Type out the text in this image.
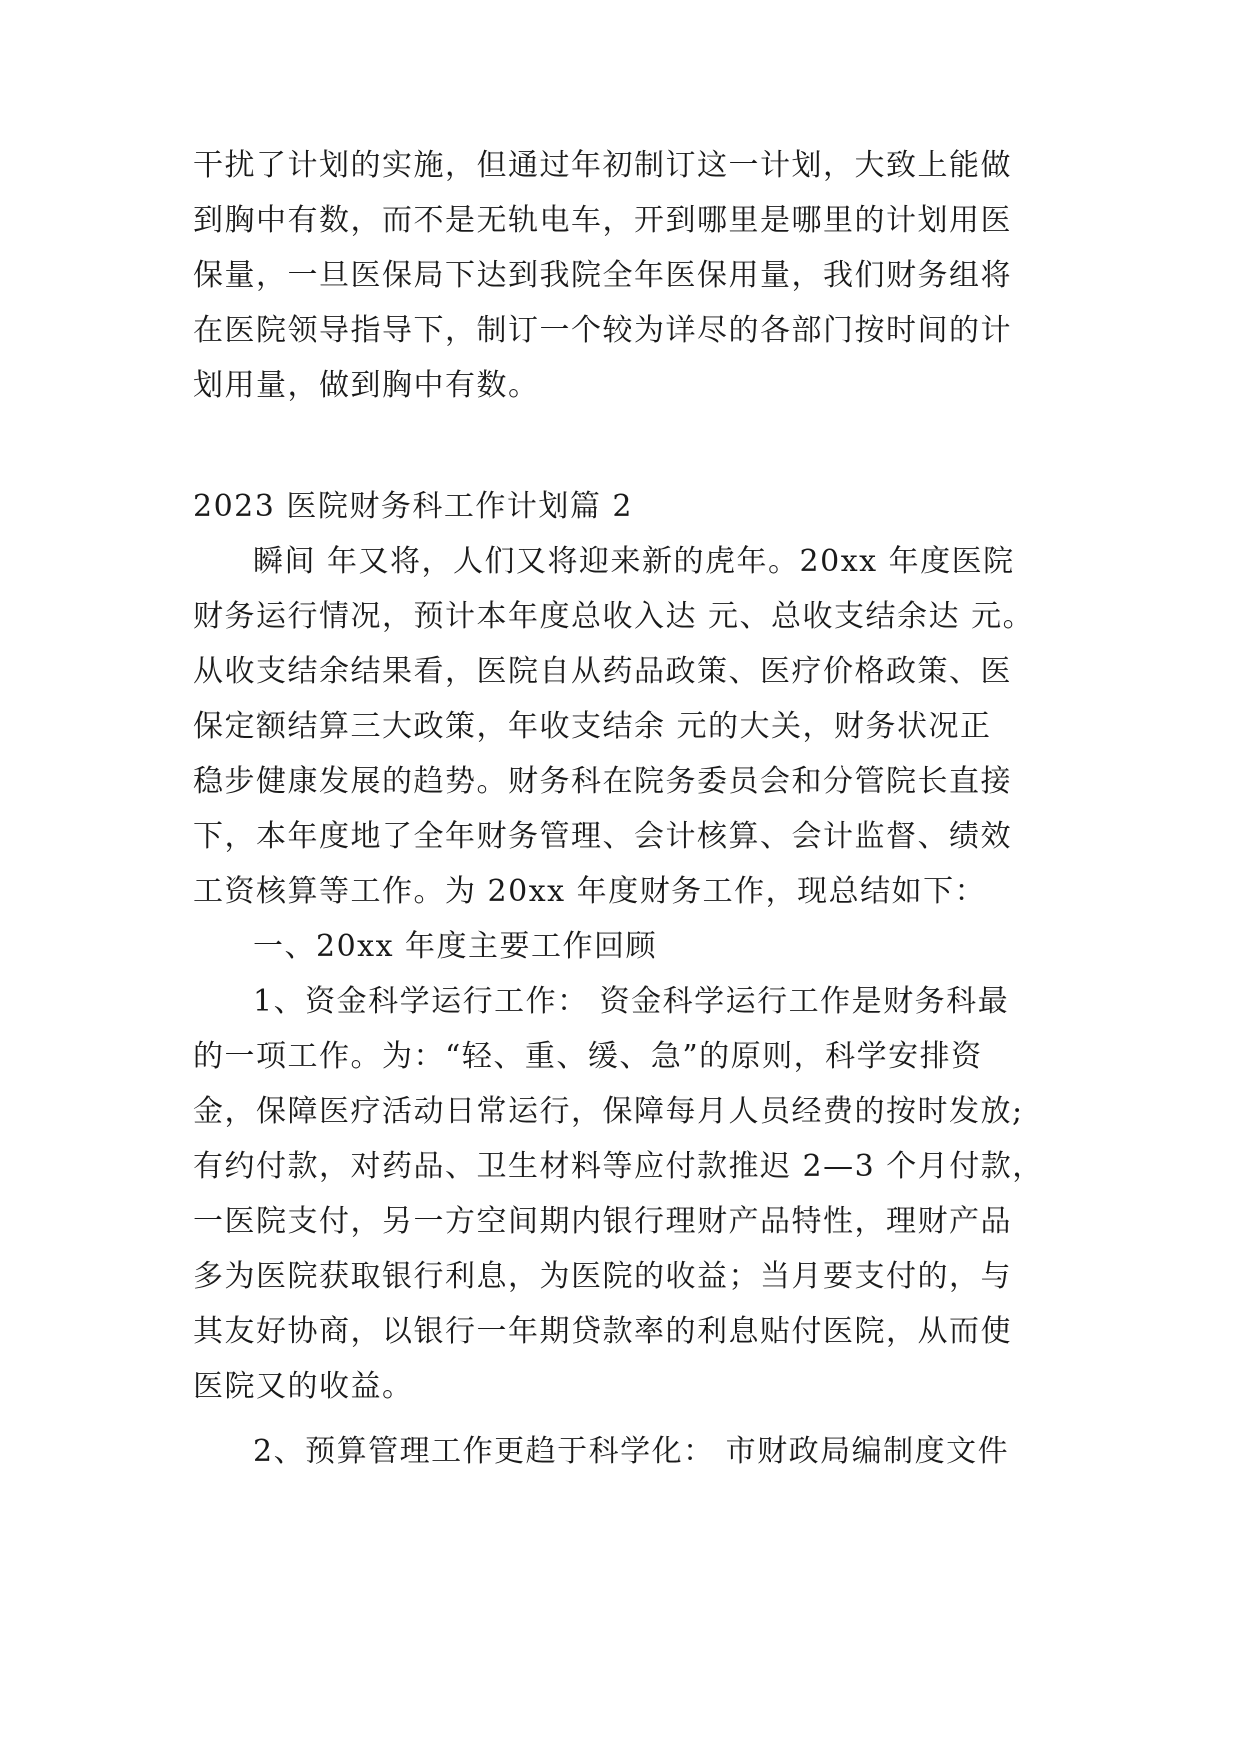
干扰了计划的实施，但通过年初制订这一计划，大致上能做
到胸中有数，而不是无轨电车，开到哪里是哪里的计划用医
保量，一旦医保局下达到我院全年医保用量，我们财务组将
在医院领导指导下，制订一个较为详尽的各部门按时间的计
划用量，做到胸中有数。
2023 医院财务科工作计划篇 2
瞬间 年又将，人们又将迎来新的虎年。20xx 年度医院
财务运行情况，预计本年度总收入达 元、总收支结余达 元。
从收支结余结果看，医院自从药品政策、医疗价格政策、医
保定额结算三大政策，年收支结余 元的大关，财务状况正
稳步健康发展的趋势。财务科在院务委员会和分管院长直接
下，本年度地了全年财务管理、会计核算、会计监督、绩效
工资核算等工作。为 20xx 年度财务工作，现总结如下：
一、20xx 年度主要工作回顾
1、资金科学运行工作： 资金科学运行工作是财务科最
的一项工作。为：“轻、重、缓、急”的原则，科学安排资
金，保障医疗活动日常运行，保障每月人员经费的按时发放;
有约付款，对药品、卫生材料等应付款推迟 2—3 个月付款，
一医院支付，另一方空间期内银行理财产品特性，理财产品
多为医院获取银行利息，为医院的收益；当月要支付的，与
其友好协商，以银行一年期贷款率的利息贴付医院，从而使
医院又的收益。
2、预算管理工作更趋于科学化： 市财政局编制度文件
